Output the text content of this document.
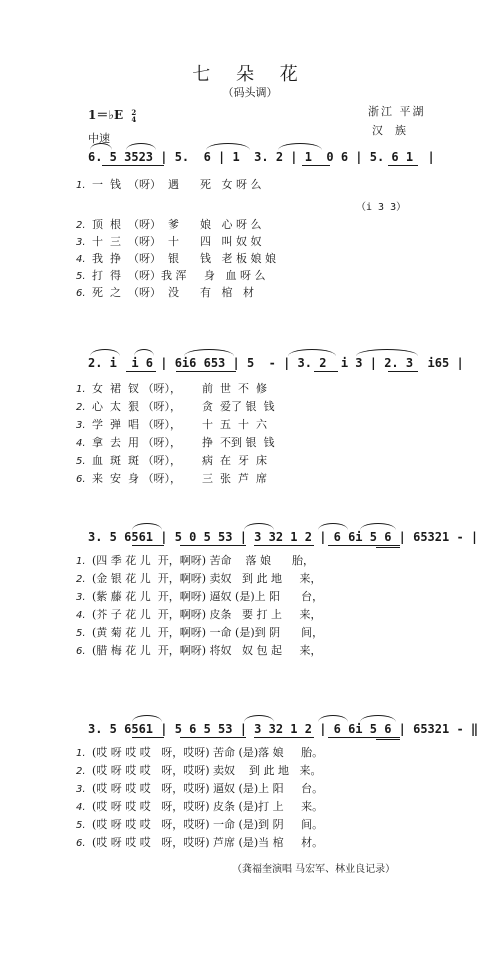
七 朵 花
（码头调）
1＝♭E 2
4
浙江 平湖
汉族
中速
6. 5 3523 | 5.  6 | 1  3. 2 | 1  0 6 | 5. 6 1  |
（i 3 3）
1. 一  钱  （呀）  遇      死   女 呀 么
2. 顶  根  （呀）  爹      娘   心 呀 么
3. 十  三  （呀）  十      四   叫 奴 奴
4. 我  挣  （呀）  银      钱   老 板 娘 娘
5. 打  得  （呀）我 浑     身   血 呀 么
6. 死  之  （呀）  没      有   棺   材
2. i  i 6 | 6i6 653 | 5  - | 3. 2  i 3 | 2. 3  i65 |
1. 女  裙  钗 （呀），      前  世  不  修
2. 心  太  狠 （呀），      贪  爱了 银  钱
3. 学  弹  唱 （呀），      十  五  十  六
4. 拿  去  用 （呀），      挣  不到 银  钱
5. 血  斑  斑 （呀），      病  在  牙  床
6. 来  安  身 （呀），      三  张  芦  席
3. 5 6561 | 5 0 5 53 | 3 32 1 2 | 6 6i 5 6 | 65321 - |
1. (四 季 花 儿  开，啊呀) 苦命    落 娘      胎，
2. (金 银 花 儿  开，啊呀) 卖奴   到 此 地     来，
3. (紫 藤 花 儿  开，啊呀) 逼奴 (是)上 阳      台，
4. (芥 子 花 儿  开，啊呀) 皮条   要 打 上     来，
5. (黄 菊 花 儿  开，啊呀) 一命 (是)到 阴      间，
6. (腊 梅 花 儿  开，啊呀) 将奴   奴 包 起     来，
3. 5 6561 | 5 6 5 53 | 3 32 1 2 | 6 6i 5 6 | 65321 - ‖
1. (哎 呀 哎 哎   呀，哎呀) 苦命 (是)落 娘     胎。
2. (哎 呀 哎 哎   呀，哎呀) 卖奴    到 此 地   来。
3. (哎 呀 哎 哎   呀，哎呀) 逼奴 (是)上 阳     台。
4. (哎 呀 哎 哎   呀，哎呀) 皮条 (是)打 上     来。
5. (哎 呀 哎 哎   呀，哎呀) 一命 (是)到 阴     间。
6. (哎 呀 哎 哎   呀，哎呀) 芦席 (是)当 棺     材。
（龚福奎演唱 马宏军、林业良记录）
